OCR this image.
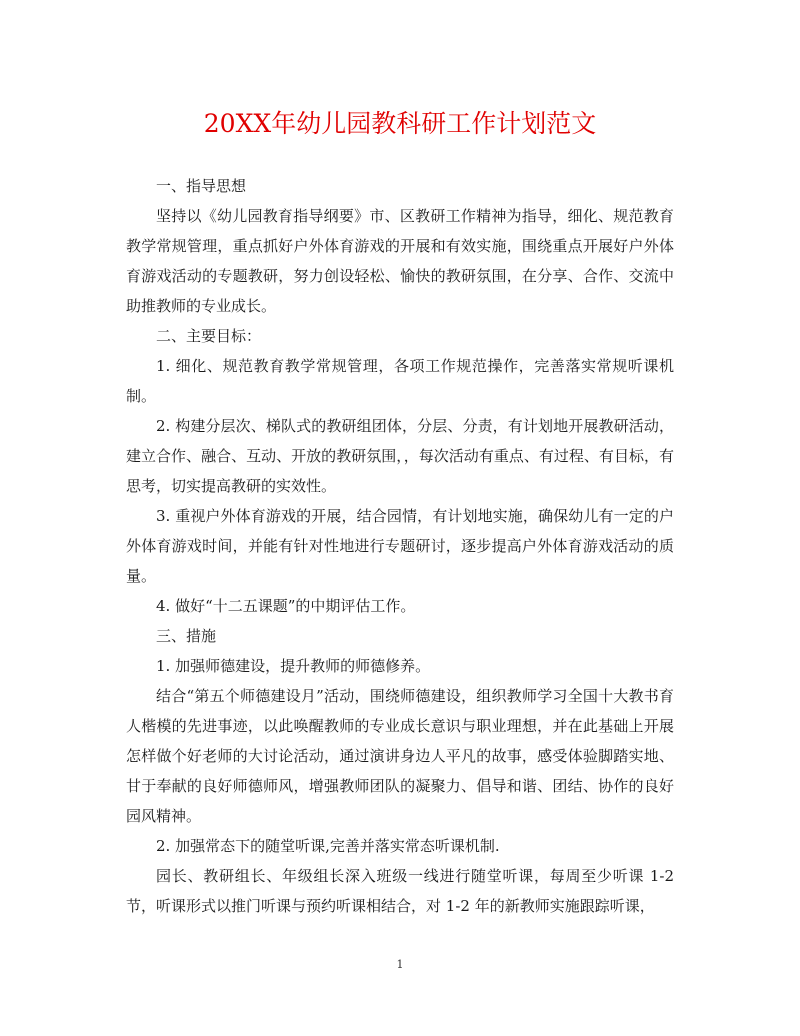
20XX年幼儿园教科研工作计划范文

一、指导思想

坚持以《幼儿园教育指导纲要》市、区教研工作精神为指导，细化、规范教育教学常规管理，重点抓好户外体育游戏的开展和有效实施，围绕重点开展好户外体育游戏活动的专题教研，努力创设轻松、愉快的教研氛围，在分享、合作、交流中助推教师的专业成长。

二、主要目标：

1. 细化、规范教育教学常规管理，各项工作规范操作，完善落实常规听课机制。

2. 构建分层次、梯队式的教研组团体，分层、分责，有计划地开展教研活动，建立合作、融合、互动、开放的教研氛围，，每次活动有重点、有过程、有目标，有思考，切实提高教研的实效性。

3. 重视户外体育游戏的开展，结合园情，有计划地实施，确保幼儿有一定的户外体育游戏时间，并能有针对性地进行专题研讨，逐步提高户外体育游戏活动的质量。

4. 做好“十二五课题”的中期评估工作。

三、措施

1. 加强师德建设，提升教师的师德修养。

结合“第五个师德建设月”活动，围绕师德建设，组织教师学习全国十大教书育人楷模的先进事迹，以此唤醒教师的专业成长意识与职业理想，并在此基础上开展怎样做个好老师的大讨论活动，通过演讲身边人平凡的故事，感受体验脚踏实地、甘于奉献的良好师德师风，增强教师团队的凝聚力、倡导和谐、团结、协作的良好园风精神。

2. 加强常态下的随堂听课,完善并落实常态听课机制.

园长、教研组长、年级组长深入班级一线进行随堂听课，每周至少听课 1-2 节，听课形式以推门听课与预约听课相结合，对 1-2 年的新教师实施跟踪听课，

1
